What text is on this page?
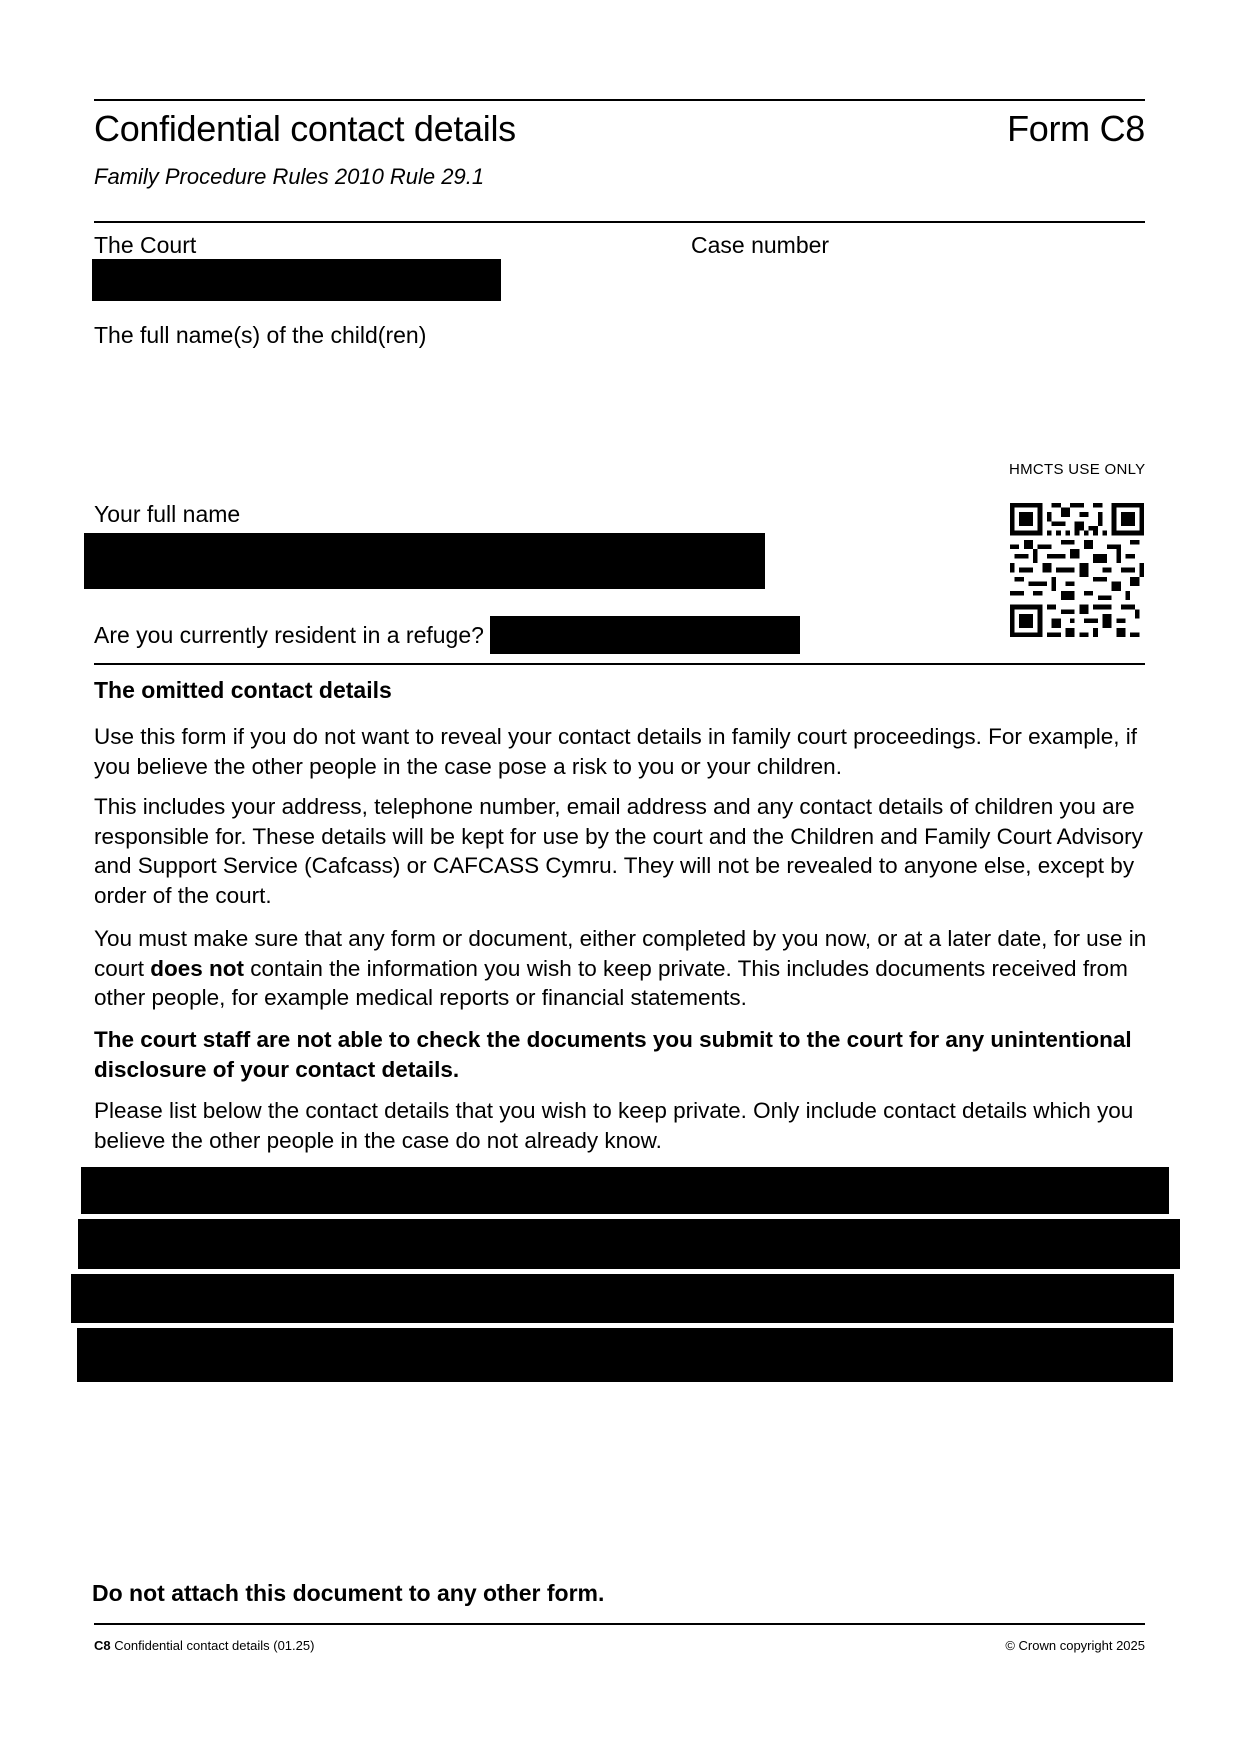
Confidential contact details	Form C8
Family Procedure Rules 2010 Rule 29.1
The Court	Case number
The full name(s) of the child(ren)
HMCTS USE ONLY
Your full name
Are you currently resident in a refuge?
The omitted contact details

Use this form if you do not want to reveal your contact details in family court proceedings. For example, if you believe the other people in the case pose a risk to you or your children.

This includes your address, telephone number, email address and any contact details of children you are responsible for. These details will be kept for use by the court and the Children and Family Court Advisory and Support Service (Cafcass) or CAFCASS Cymru. They will not be revealed to anyone else, except by order of the court.

You must make sure that any form or document, either completed by you now, or at a later date, for use in court does not contain the information you wish to keep private. This includes documents received from other people, for example medical reports or financial statements.

The court staff are not able to check the documents you submit to the court for any unintentional disclosure of your contact details.

Please list below the contact details that you wish to keep private. Only include contact details which you believe the other people in the case do not already know.

Do not attach this document to any other form.
C8 Confidential contact details (01.25)	© Crown copyright 2025
